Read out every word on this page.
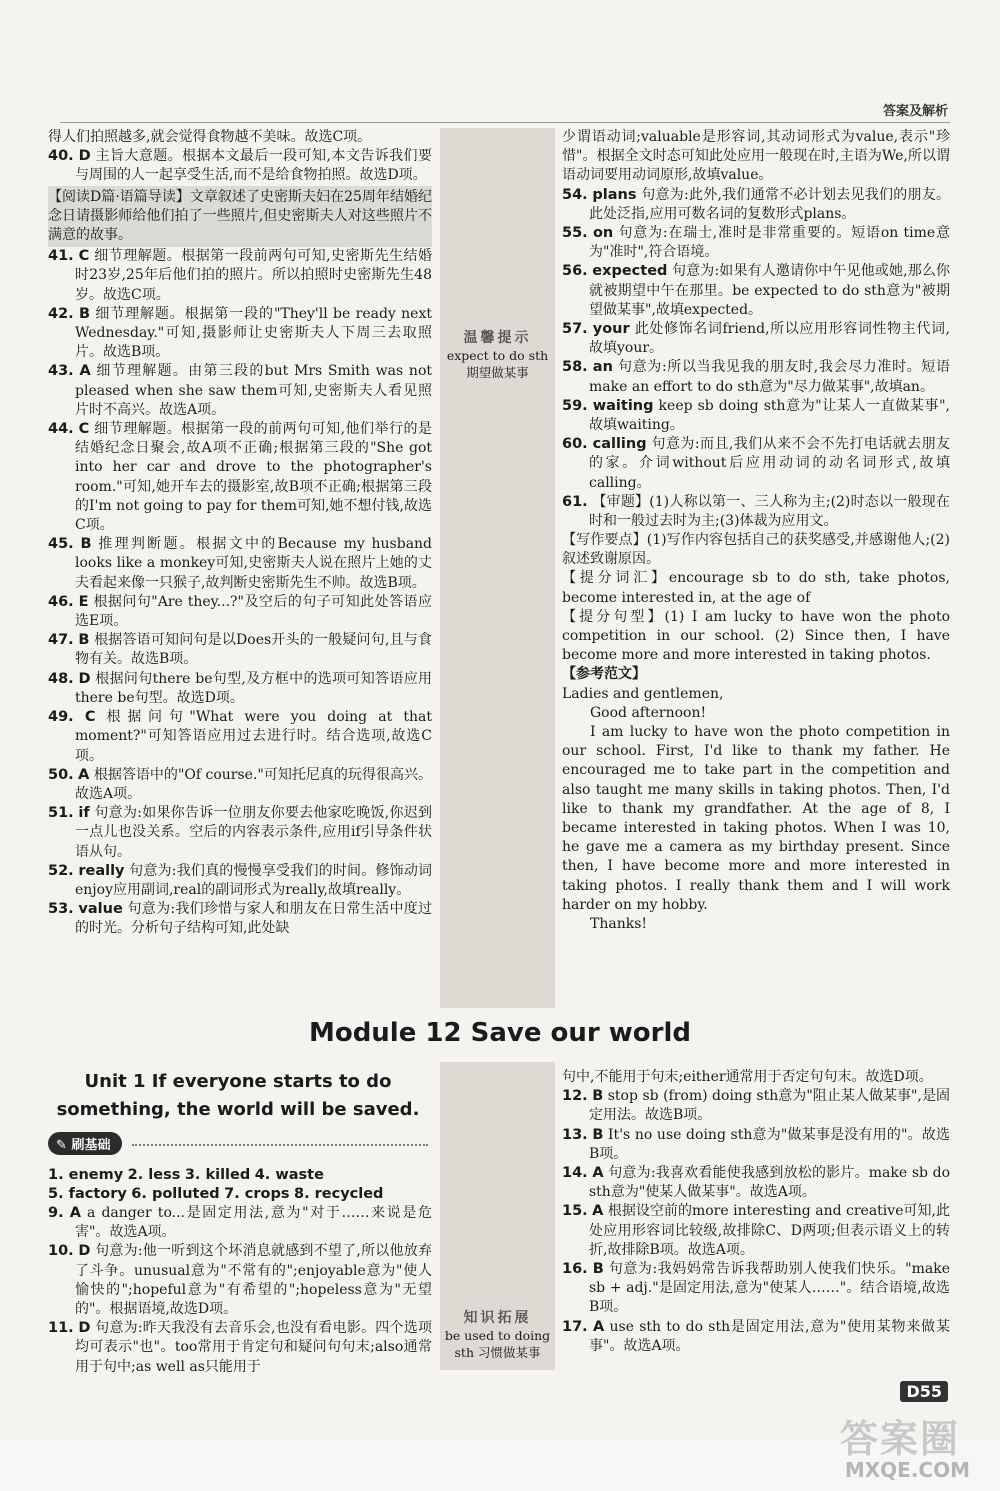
答案及解析
温馨提示
expect to do sth
期望做某事
知识拓展
be used to doing
sth 习惯做某事

得人们拍照越多,就会觉得食物越不美味。故选C项。

40. D 主旨大意题。根据本文最后一段可知,本文告诉我们要与周围的人一起享受生活,而不是给食物拍照。故选D项。

【阅读D篇·语篇导读】文章叙述了史密斯夫妇在25周年结婚纪念日请摄影师给他们拍了一些照片,但史密斯夫人对这些照片不满意的故事。

41. C 细节理解题。根据第一段前两句可知,史密斯先生结婚时23岁,25年后他们拍的照片。所以拍照时史密斯先生48岁。故选C项。

42. B 细节理解题。根据第一段的"They'll be ready next Wednesday."可知,摄影师让史密斯夫人下周三去取照片。故选B项。

43. A 细节理解题。由第三段的but Mrs Smith was not pleased when she saw them可知,史密斯夫人看见照片时不高兴。故选A项。

44. C 细节理解题。根据第一段的前两句可知,他们举行的是结婚纪念日聚会,故A项不正确;根据第三段的"She got into her car and drove to the photographer's room."可知,她开车去的摄影室,故B项不正确;根据第三段的I'm not going to pay for them可知,她不想付钱,故选C项。

45. B 推理判断题。根据文中的Because my husband looks like a monkey可知,史密斯夫人说在照片上她的丈夫看起来像一只猴子,故判断史密斯先生不帅。故选B项。

46. E 根据问句"Are they...?"及空后的句子可知此处答语应选E项。

47. B 根据答语可知问句是以Does开头的一般疑问句,且与食物有关。故选B项。

48. D 根据问句there be句型,及方框中的选项可知答语应用there be句型。故选D项。

49. C 根据问句"What were you doing at that moment?"可知答语应用过去进行时。结合选项,故选C项。

50. A 根据答语中的"Of course."可知托尼真的玩得很高兴。故选A项。

51. if 句意为:如果你告诉一位朋友你要去他家吃晚饭,你迟到一点儿也没关系。空后的内容表示条件,应用if引导条件状语从句。

52. really 句意为:我们真的慢慢享受我们的时间。修饰动词enjoy应用副词,real的副词形式为really,故填really。

53. value 句意为:我们珍惜与家人和朋友在日常生活中度过的时光。分析句子结构可知,此处缺

少谓语动词;valuable是形容词,其动词形式为value,表示"珍惜"。根据全文时态可知此处应用一般现在时,主语为We,所以谓语动词要用动词原形,故填value。

54. plans 句意为:此外,我们通常不必计划去见我们的朋友。此处泛指,应用可数名词的复数形式plans。

55. on 句意为:在瑞士,准时是非常重要的。短语on time意为"准时",符合语境。

56. expected 句意为:如果有人邀请你中午见他或她,那么你就被期望中午在那里。be expected to do sth意为"被期望做某事",故填expected。

57. your 此处修饰名词friend,所以应用形容词性物主代词,故填your。

58. an 句意为:所以当我见我的朋友时,我会尽力准时。短语make an effort to do sth意为"尽力做某事",故填an。

59. waiting keep sb doing sth意为"让某人一直做某事",故填waiting。

60. calling 句意为:而且,我们从来不会不先打电话就去朋友的家。介词without后应用动词的动名词形式,故填calling。

61. 【审题】(1)人称以第一、三人称为主;(2)时态以一般现在时和一般过去时为主;(3)体裁为应用文。

【写作要点】(1)写作内容包括自己的获奖感受,并感谢他人;(2)叙述致谢原因。

【提分词汇】encourage sb to do sth, take photos, become interested in, at the age of

【提分句型】(1) I am lucky to have won the photo competition in our school. (2) Since then, I have become more and more interested in taking photos.

【参考范文】

Ladies and gentlemen,

Good afternoon!

I am lucky to have won the photo competition in our school. First, I'd like to thank my father. He encouraged me to take part in the competition and also taught me many skills in taking photos. Then, I'd like to thank my grandfather. At the age of 8, I became interested in taking photos. When I was 10, he gave me a camera as my birthday present. Since then, I have become more and more interested in taking photos. I really thank them and I will work harder on my hobby.

Thanks!

Module 12 Save our world
Unit 1 If everyone starts to do something, the world will be saved.
✎ 刷基础
1. enemy 2. less 3. killed 4. waste
5. factory 6. polluted 7. crops 8. recycled

9. A a danger to...是固定用法,意为"对于……来说是危害"。故选A项。

10. D 句意为:他一听到这个坏消息就感到不望了,所以他放弃了斗争。unusual意为"不常有的";enjoyable意为"使人愉快的";hopeful意为"有希望的";hopeless意为"无望的"。根据语境,故选D项。

11. D 句意为:昨天我没有去音乐会,也没有看电影。四个选项均可表示"也"。too常用于肯定句和疑问句句末;also通常用于句中;as well as只能用于

句中,不能用于句末;either通常用于否定句句末。故选D项。

12. B stop sb (from) doing sth意为"阻止某人做某事",是固定用法。故选B项。

13. B It's no use doing sth意为"做某事是没有用的"。故选B项。

14. A 句意为:我喜欢看能使我感到放松的影片。make sb do sth意为"使某人做某事"。故选A项。

15. A 根据设空前的more interesting and creative可知,此处应用形容词比较级,故排除C、D两项;但表示语义上的转折,故排除B项。故选A项。

16. B 句意为:我妈妈常告诉我帮助别人使我们快乐。"make sb + adj."是固定用法,意为"使某人……"。结合语境,故选B项。

17. A use sth to do sth是固定用法,意为"使用某物来做某事"。故选A项。

D55
答案圈
MXQE.COM
